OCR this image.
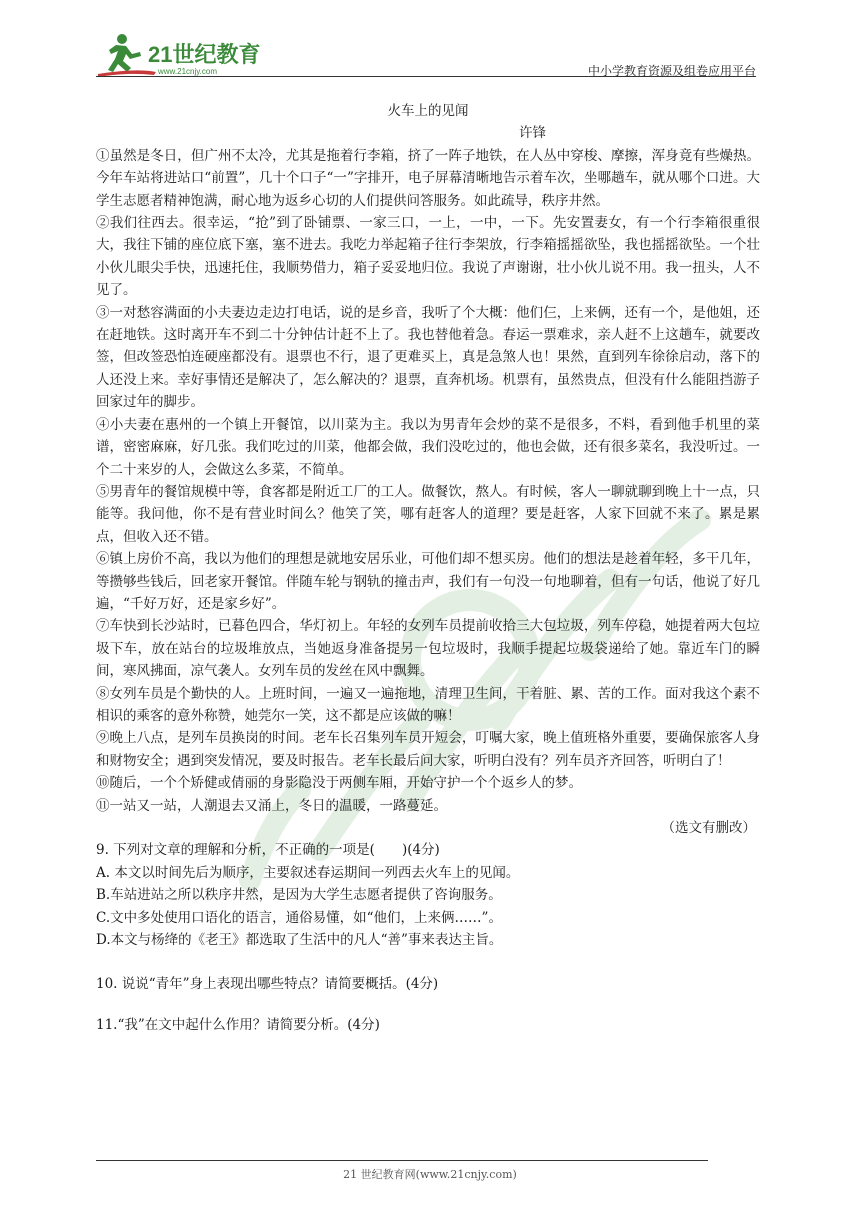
21世纪教育
www.21cnjy.com	中小学教育资源及组卷应用平台

火车上的见闻

许锋

①虽然是冬日，但广州不太冷，尤其是拖着行李箱，挤了一阵子地铁，在人丛中穿梭、摩擦，浑身竟有些燥热。今年车站将进站口“前置”，几十个口子“一”字排开，电子屏幕清晰地告示着车次，坐哪趟车，就从哪个口进。大学生志愿者精神饱满，耐心地为返乡心切的人们提供问答服务。如此疏导，秩序井然。

②我们往西去。很幸运，“抢”到了卧铺票、一家三口，一上，一中，一下。先安置妻女，有一个行李箱很重很大，我往下铺的座位底下塞，塞不进去。我吃力举起箱子往行李架放，行李箱摇摇欲坠，我也摇摇欲坠。一个壮小伙儿眼尖手快，迅速托住，我顺势借力，箱子妥妥地归位。我说了声谢谢，壮小伙儿说不用。我一扭头，人不见了。

③一对愁容满面的小夫妻边走边打电话，说的是乡音，我听了个大概：他们仨，上来俩，还有一个，是他姐，还在赶地铁。这时离开车不到二十分钟估计赶不上了。我也替他着急。春运一票难求，亲人赶不上这趟车，就要改签，但改签恐怕连硬座都没有。退票也不行，退了更难买上，真是急煞人也！果然，直到列车徐徐启动，落下的人还没上来。幸好事情还是解决了，怎么解决的？退票，直奔机场。机票有，虽然贵点，但没有什么能阻挡游子回家过年的脚步。

④小夫妻在惠州的一个镇上开餐馆，以川菜为主。我以为男青年会炒的菜不是很多，不料，看到他手机里的菜谱，密密麻麻，好几张。我们吃过的川菜，他都会做，我们没吃过的，他也会做，还有很多菜名，我没听过。一个二十来岁的人，会做这么多菜，不简单。

⑤男青年的餐馆规模中等，食客都是附近工厂的工人。做餐饮，熬人。有时候，客人一聊就聊到晚上十一点，只能等。我问他，你不是有营业时间么？他笑了笑，哪有赶客人的道理？要是赶客，人家下回就不来了。累是累点，但收入还不错。

⑥镇上房价不高，我以为他们的理想是就地安居乐业，可他们却不想买房。他们的想法是趁着年轻，多干几年，等攒够些钱后，回老家开餐馆。伴随车轮与钢轨的撞击声，我们有一句没一句地聊着，但有一句话，他说了好几遍，“千好万好，还是家乡好”。

⑦车快到长沙站时，已暮色四合，华灯初上。年轻的女列车员提前收拾三大包垃圾，列车停稳，她提着两大包垃圾下车，放在站台的垃圾堆放点，当她返身准备提另一包垃圾时，我顺手提起垃圾袋递给了她。靠近车门的瞬间，寒风拂面，凉气袭人。女列车员的发丝在风中飘舞。

⑧女列车员是个勤快的人。上班时间，一遍又一遍拖地，清理卫生间，干着脏、累、苦的工作。面对我这个素不相识的乘客的意外称赞，她莞尔一笑，这不都是应该做的嘛！

⑨晚上八点，是列车员换岗的时间。老车长召集列车员开短会，叮嘱大家，晚上值班格外重要，要确保旅客人身和财物安全；遇到突发情况，要及时报告。老车长最后问大家，听明白没有？列车员齐齐回答，听明白了！

⑩随后，一个个矫健或倩丽的身影隐没于两侧车厢，开始守护一个个返乡人的梦。

⑪一站又一站，人潮退去又涌上，冬日的温暖，一路蔓延。

（选文有删改）

9. 下列对文章的理解和分析，不正确的一项是(　　)(4分)

A. 本文以时间先后为顺序，主要叙述春运期间一列西去火车上的见闻。

B.车站进站之所以秩序井然，是因为大学生志愿者提供了咨询服务。

C.文中多处使用口语化的语言，通俗易懂，如“他们，上来俩……”。

D.本文与杨绛的《老王》都选取了生活中的凡人“善”事来表达主旨。

10. 说说“青年”身上表现出哪些特点？请简要概括。(4分)

11.“我”在文中起什么作用？请简要分析。(4分)

21 世纪教育网(www.21cnjy.com)
